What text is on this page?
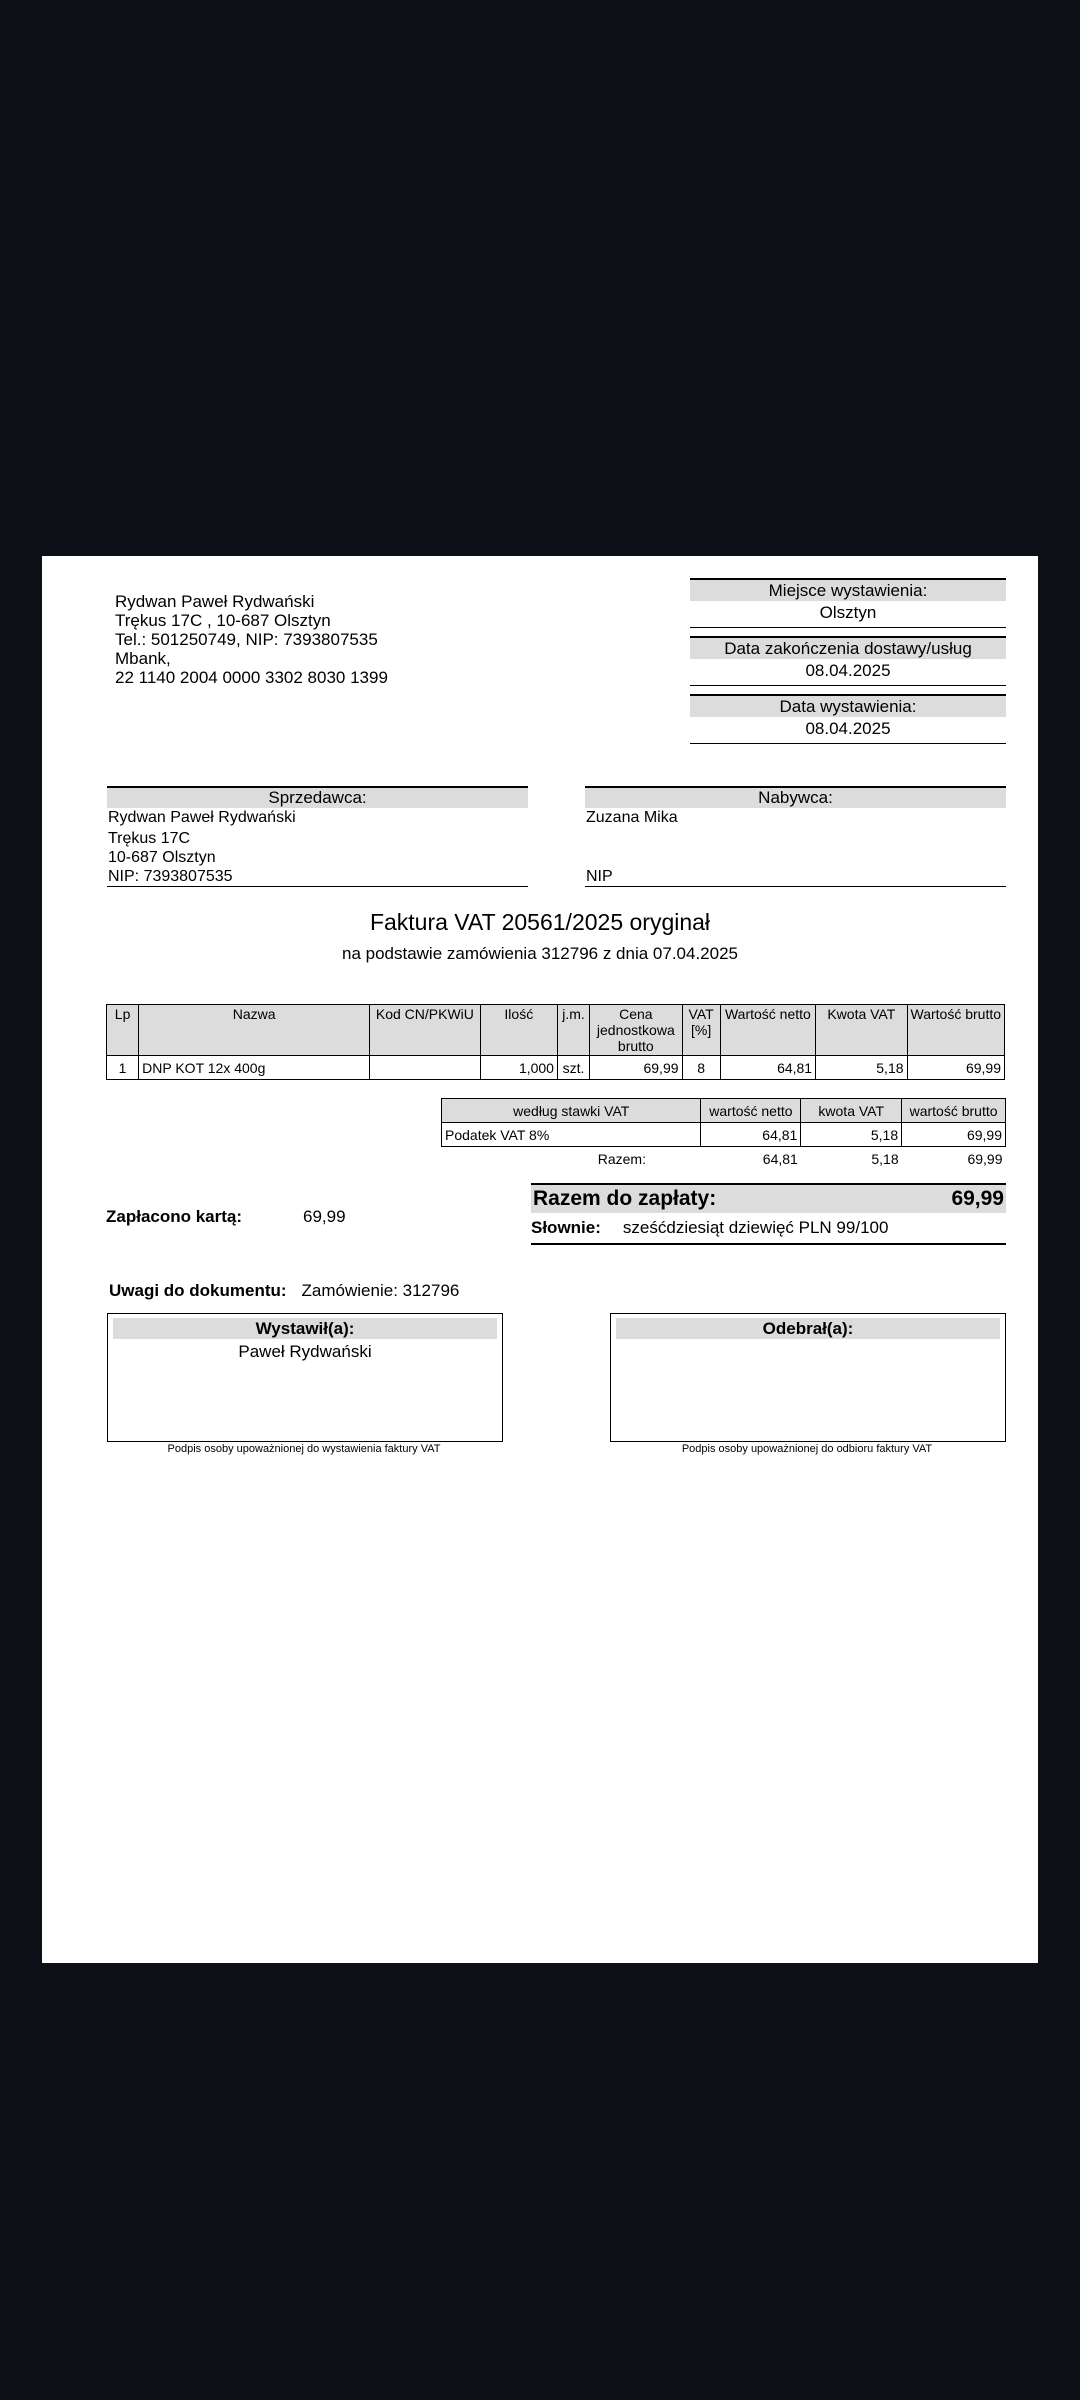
Rydwan Paweł Rydwański
Trękus 17C , 10-687 Olsztyn
Tel.: 501250749, NIP: 7393807535
Mbank,
22 1140 2004 0000 3302 8030 1399
Miejsce wystawienia:
Olsztyn
Data zakończenia dostawy/usług
08.04.2025
Data wystawienia:
08.04.2025
Sprzedawca:
Rydwan Paweł Rydwański
Trękus 17C
10-687 Olsztyn
NIP: 7393807535
Nabywca:
Zuzana Mika

NIP
Faktura VAT 20561/2025 oryginał
na podstawie zamówienia 312796 z dnia 07.04.2025
Lp	Nazwa	Kod CN/PKWiU	Ilość	j.m.	Cena jednostkowa brutto	VAT [%]	Wartość netto	Kwota VAT	Wartość brutto
1	DNP KOT 12x 400g		1,000	szt.	69,99	8	64,81	5,18	69,99
według stawki VAT	wartość netto	kwota VAT	wartość brutto
Podatek VAT 8%	64,81	5,18	69,99
Razem:	64,81	5,18	69,99
Zapłacono kartą:	69,99
Razem do zapłaty:	69,99
Słownie: sześćdziesiąt dziewięć PLN 99/100
Uwagi do dokumentu: Zamówienie: 312796
Wystawił(a):
Paweł Rydwański
Podpis osoby upoważnionej do wystawienia faktury VAT
Odebrał(a):
Podpis osoby upoważnionej do odbioru faktury VAT
